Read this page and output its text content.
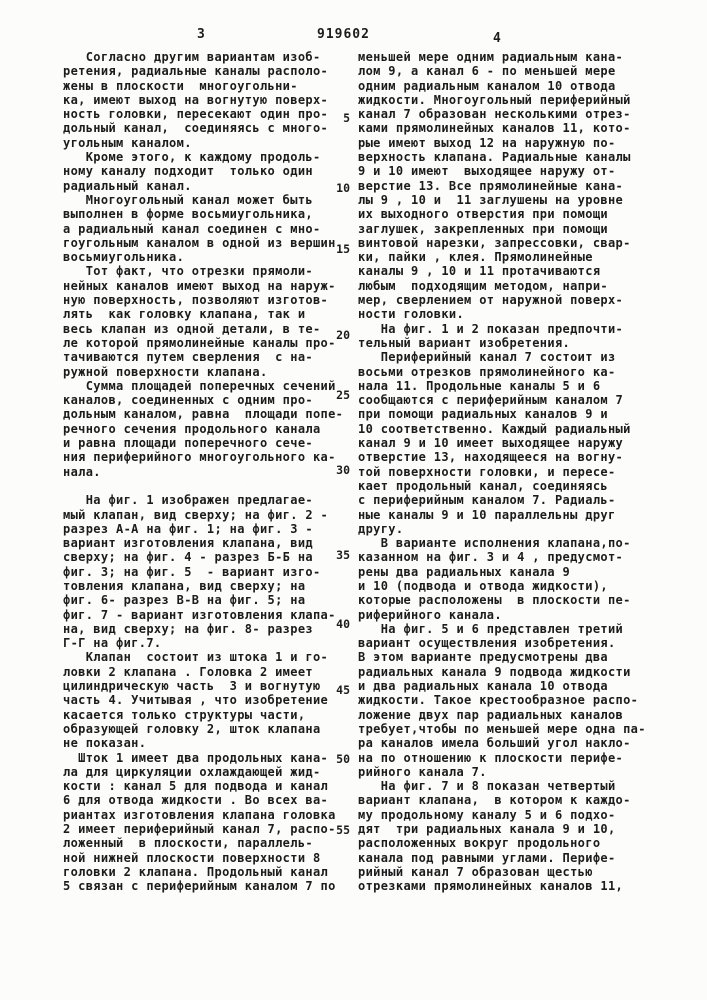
3	919602	4
Согласно другим вариантам изоб-
ретения, радиальные каналы располо-
жены в плоскости  многоугольни-
ка, имеют выход на вогнутую поверх-
ность головки, пересекают один про-
дольный канал,  соединяясь с много-
угольным каналом.
Кроме этого, к каждому продоль-
ному каналу подходит  только один
радиальный канал.
Многоугольный канал может быть
выполнен в форме восьмиугольника,
а радиальный канал соединен с мно-
гоугольным каналом в одной из вершин
восьмиугольника.
Тот факт, что отрезки прямоли-
нейных каналов имеют выход на наруж-
ную поверхность, позволяют изготов-
лять  как головку клапана, так и
весь клапан из одной детали, в те-
ле которой прямолинейные каналы про-
тачиваются путем сверления  с на-
ружной поверхности клапана.
Сумма площадей поперечных сечений
каналов, соединенных с одним про-
дольным каналом, равна  площади попе-
речного сечения продольного канала
и равна площади поперечного сече-
ния периферийного многоугольного ка-
нала.
На фиг. 1 изображен предлагае-
мый клапан, вид сверху; на фиг. 2 -
разрез А-А на фиг. 1; на фиг. 3 -
вариант изготовления клапана, вид
сверху; на фиг. 4 - разрез Б-Б на
фиг. 3; на фиг. 5  - вариант изго-
товления клапана, вид сверху; на
фиг. 6- разрез В-В на фиг. 5; на
фиг. 7 - вариант изготовления клапа-
на, вид сверху; на фиг. 8- разрез
Г-Г на фиг.7.
Клапан  состоит из штока 1 и го-
ловки 2 клапана . Головка 2 имеет
цилиндрическую часть  3 и вогнутую
часть 4. Учитывая , что изобретение
касается только структуры части,
образующей головку 2, шток клапана
не показан.
Шток 1 имеет два продольных кана-
ла для циркуляции охлаждающей жид-
кости : канал 5 для подвода и канал
6 для отвода жидкости . Во всех ва-
риантах изготовления клапана головка
2 имеет периферийный канал 7, распо-
ложенный  в плоскости, параллель-
ной нижней плоскости поверхности 8
головки 2 клапана. Продольный канал
5 связан с периферийным каналом 7 по
меньшей мере одним радиальным кана-
лом 9, а канал 6 - по меньшей мере
одним радиальным каналом 10 отвода
жидкости. Многоугольный периферийный
канал 7 образован несколькими отрез-
ками прямолинейных каналов 11, кото-
рые имеют выход 12 на наружную по-
верхность клапана. Радиальные каналы
9 и 10 имеют  выходящее наружу от-
верстие 13. Все прямолинейные кана-
лы 9 , 10 и  11 заглушены на уровне
их выходного отверстия при помощи
заглушек, закрепленных при помощи
винтовой нарезки, запрессовки, свар-
ки, пайки , клея. Прямолинейные
каналы 9 , 10 и 11 протачиваются
любым  подходящим методом, напри-
мер, сверлением от наружной поверх-
ности головки.
На фиг. 1 и 2 показан предпочти-
тельный вариант изобретения.
Периферийный канал 7 состоит из
восьми отрезков прямолинейного ка-
нала 11. Продольные каналы 5 и 6
сообщаются с периферийным каналом 7
при помощи радиальных каналов 9 и
10 соответственно. Каждый радиальный
канал 9 и 10 имеет выходящее наружу
отверстие 13, находящееся на вогну-
той поверхности головки, и пересе-
кает продольный канал, соединяясь
с периферийным каналом 7. Радиаль-
ные каналы 9 и 10 параллельны друг
другу.
В варианте исполнения клапана,по-
казанном на фиг. 3 и 4 , предусмот-
рены два радиальных канала 9
и 10 (подвода и отвода жидкости),
которые расположены  в плоскости пе-
риферийного канала.
На фиг. 5 и 6 представлен третий
вариант осуществления изобретения.
В этом варианте предусмотрены два
радиальных канала 9 подвода жидкости
и два радиальных канала 10 отвода
жидкости. Такое крестообразное распо-
ложение двух пар радиальных каналов
требует,чтобы по меньшей мере одна па-
ра каналов имела больший угол накло-
на по отношению к плоскости перифе-
рийного канала 7.
На фиг. 7 и 8 показан четвертый
вариант клапана,  в котором к каждо-
му продольному каналу 5 и 6 подхо-
дят  три радиальных канала 9 и 10,
расположенных вокруг продольного
канала под равными углами. Перифе-
рийный канал 7 образован щестью
отрезками прямолинейных каналов 11,
5
10
15
20
25
30
35
40
45
50
55
